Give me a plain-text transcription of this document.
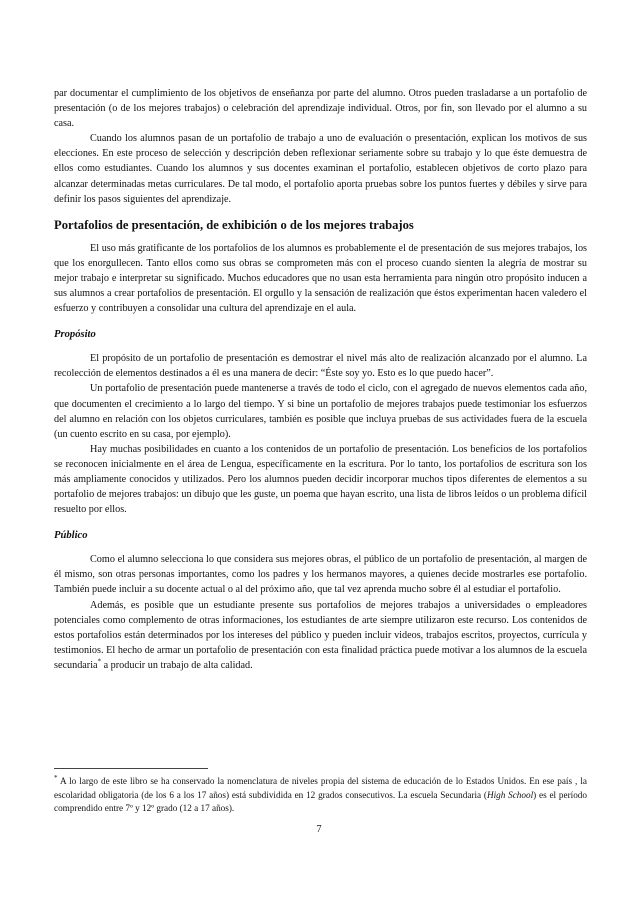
par documentar el cumplimiento de los objetivos de enseñanza por parte del alumno. Otros pueden trasladarse a un portafolio de presentación (o de los mejores trabajos) o celebración del aprendizaje individual. Otros, por fin, son llevado por el alumno a su casa.

Cuando los alumnos pasan de un portafolio de trabajo a uno de evaluación o presentación, explican los motivos de sus elecciones. En este proceso de selección y descripción deben reflexionar seriamente sobre su trabajo y lo que éste demuestra de ellos como estudiantes. Cuando los alumnos y sus docentes examinan el portafolio, establecen objetivos de corto plazo para alcanzar determinadas metas curriculares. De tal modo, el portafolio aporta pruebas sobre los puntos fuertes y débiles y sirve para definir los pasos siguientes del aprendizaje.

Portafolios de presentación, de exhibición o de los mejores trabajos

El uso más gratificante de los portafolios de los alumnos es probablemente el de presentación de sus mejores trabajos, los que los enorgullecen. Tanto ellos como sus obras se comprometen más con el proceso cuando sienten la alegría de mostrar su mejor trabajo e interpretar su significado. Muchos educadores que no usan esta herramienta para ningún otro propósito inducen a sus alumnos a crear portafolios de presentación. El orgullo y la sensación de realización que éstos experimentan hacen valedero el esfuerzo y contribuyen a consolidar una cultura del aprendizaje en el aula.

Propósito

El propósito de un portafolio de presentación es demostrar el nivel más alto de realización alcanzado por el alumno. La recolección de elementos destinados a él es una manera de decir: “Éste soy yo. Esto es lo que puedo hacer”.

Un portafolio de presentación puede mantenerse a través de todo el ciclo, con el agregado de nuevos elementos cada año, que documenten el crecimiento a lo largo del tiempo. Y si bine un portafolio de mejores trabajos puede testimoniar los esfuerzos del alumno en relación con los objetos curriculares, también es posible que incluya pruebas de sus actividades fuera de la escuela (un cuento escrito en su casa, por ejemplo).

Hay muchas posibilidades en cuanto a los contenidos de un portafolio de presentación. Los beneficios de los portafolios se reconocen inicialmente en el área de Lengua, específicamente en la escritura. Por lo tanto, los portafolios de escritura son los más ampliamente conocidos y utilizados. Pero los alumnos pueden decidir incorporar muchos tipos diferentes de elementos a su portafolio de mejores trabajos: un dibujo que les guste, un poema que hayan escrito, una lista de libros leídos o un problema difícil resuelto por ellos.

Público

Como el alumno selecciona lo que considera sus mejores obras, el público de un portafolio de presentación, al margen de él mismo, son otras personas importantes, como los padres y los hermanos mayores, a quienes decide mostrarles ese portafolio. También puede incluir a su docente actual o al del próximo año, que tal vez aprenda mucho sobre él al estudiar el portafolio.

Además, es posible que un estudiante presente sus portafolios de mejores trabajos a universidades o empleadores potenciales como complemento de otras informaciones, los estudiantes de arte siempre utilizaron este recurso. Los contenidos de estos portafolios están determinados por los intereses del público y pueden incluir videos, trabajos escritos, proyectos, currícula y testimonios. El hecho de armar un portafolio de presentación con esta finalidad práctica puede motivar a los alumnos de la escuela secundaria* a producir un trabajo de alta calidad.

* A lo largo de este libro se ha conservado la nomenclatura de niveles propia del sistema de educación de lo Estados Unidos. En ese país , la escolaridad obligatoria (de los 6 a los 17 años) está subdividida en 12 grados consecutivos. La escuela Secundaria (High School) es el período comprendido entre 7º y 12º grado (12 a 17 años).
7
